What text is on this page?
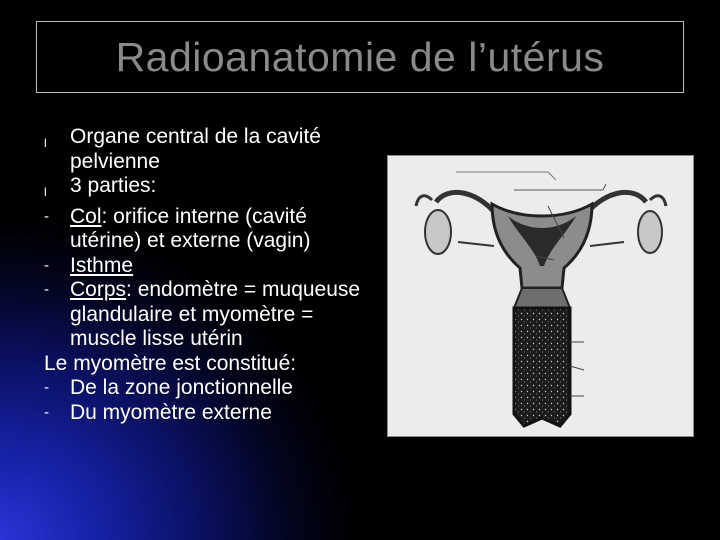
Radioanatomie de l’utérus
l	Organe central de la cavité pelvienne
l	3 parties:
-	Col: orifice interne (cavité utérine) et externe (vagin)
-	Isthme
-	Corps: endomètre = muqueuse glandulaire et myomètre = muscle lisse utérin
Le myomètre est constitué:
-	De la zone jonctionnelle
-	Du myomètre externe
